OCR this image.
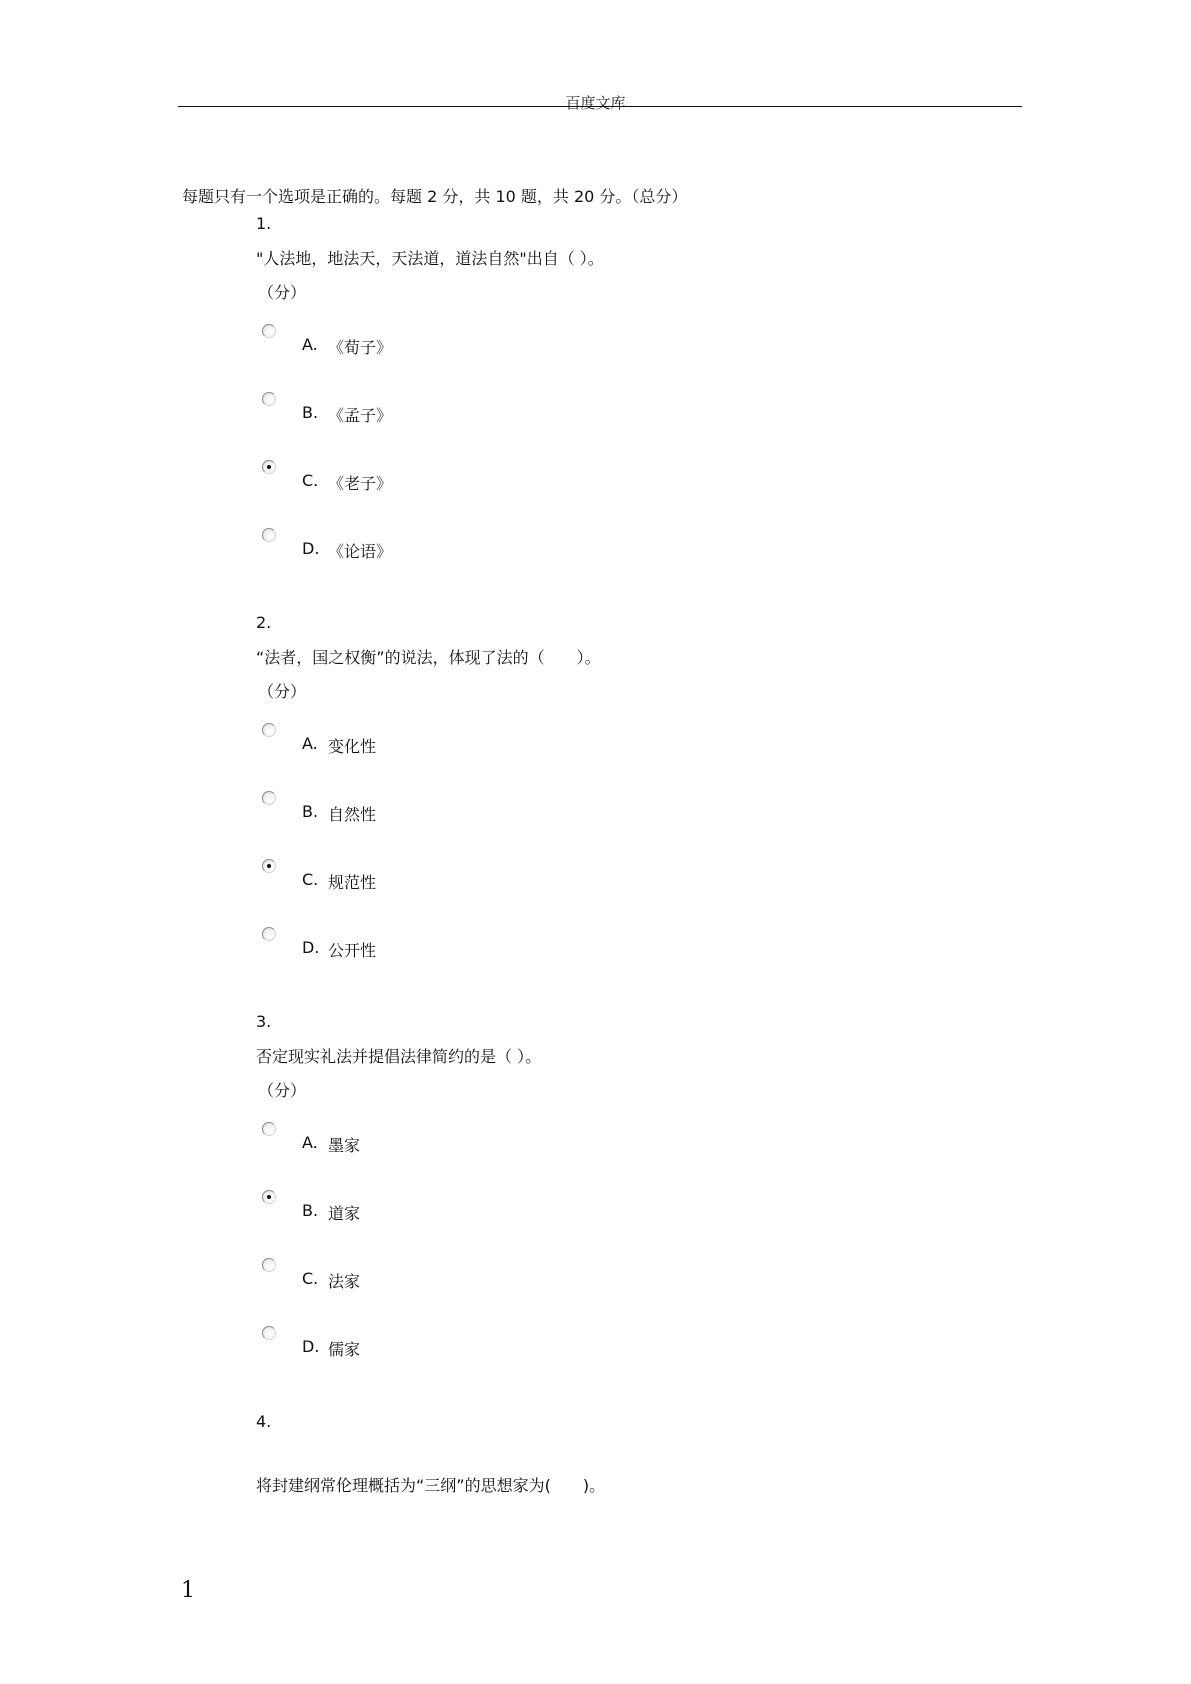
百度文库
每题只有一个选项是正确的。每题 2 分，共 10 题，共 20 分。（总分）
1.
"人法地，地法天，天法道，道法自然"出自（ ）。
（分）
A. 《荀子》
B. 《孟子》
C. 《老子》
D. 《论语》
2.
“法者，国之权衡”的说法，体现了法的（　　）。
（分）
A. 变化性
B. 自然性
C. 规范性
D. 公开性
3.
否定现实礼法并提倡法律简约的是（ ）。
（分）
A. 墨家
B. 道家
C. 法家
D. 儒家
4.
将封建纲常伦理概括为“三纲”的思想家为(　　)。
1
